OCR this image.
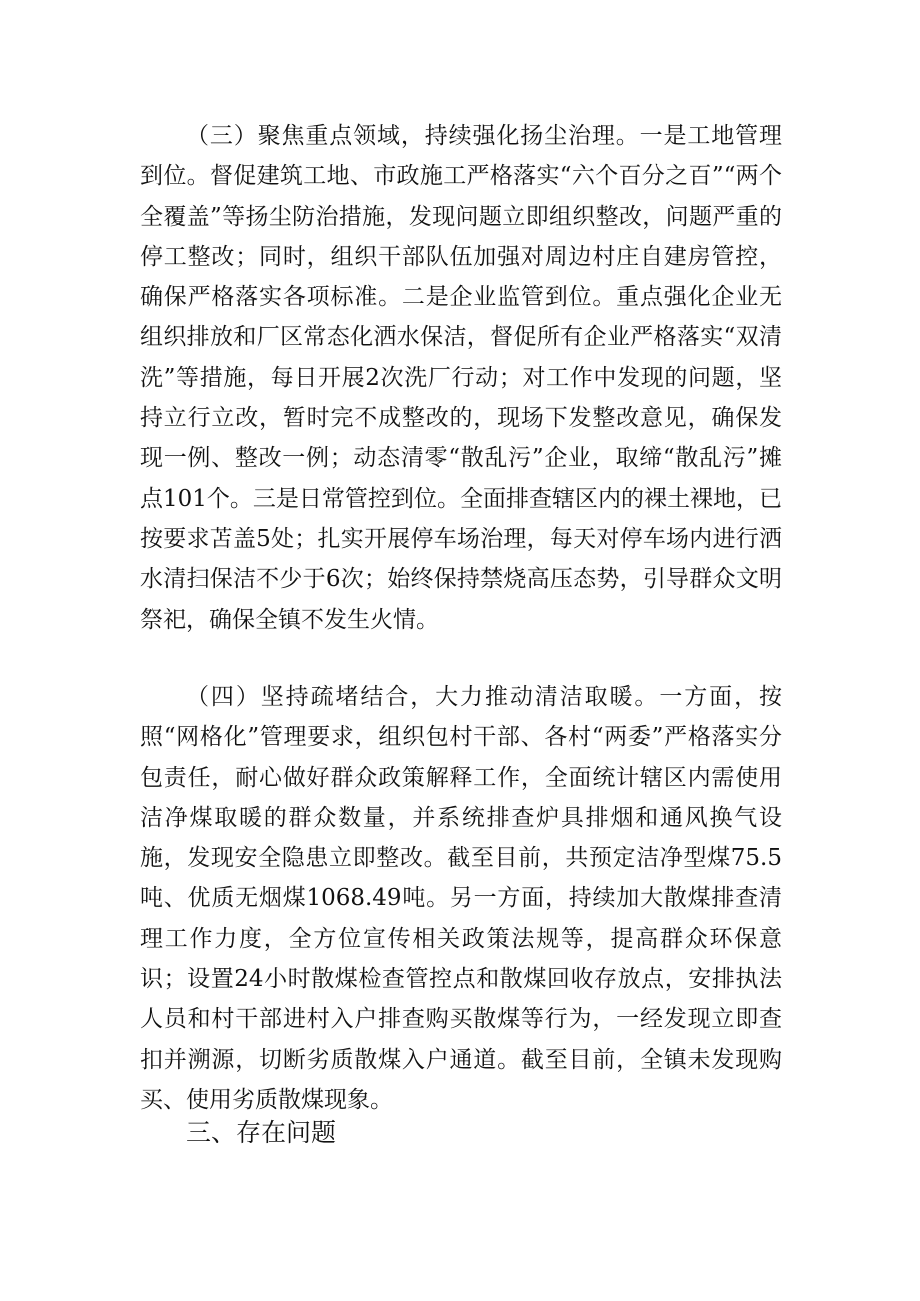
（三）聚焦重点领域，持续强化扬尘治理。一是工地管理到位。督促建筑工地、市政施工严格落实“六个百分之百”“两个全覆盖”等扬尘防治措施，发现问题立即组织整改，问题严重的停工整改；同时，组织干部队伍加强对周边村庄自建房管控，确保严格落实各项标准。二是企业监管到位。重点强化企业无组织排放和厂区常态化洒水保洁，督促所有企业严格落实“双清洗”等措施，每日开展2次洗厂行动；对工作中发现的问题，坚持立行立改，暂时完不成整改的，现场下发整改意见，确保发现一例、整改一例；动态清零“散乱污”企业，取缔“散乱污”摊点101个。三是日常管控到位。全面排查辖区内的裸土裸地，已按要求苫盖5处；扎实开展停车场治理，每天对停车场内进行洒水清扫保洁不少于6次；始终保持禁烧高压态势，引导群众文明祭祀，确保全镇不发生火情。

（四）坚持疏堵结合，大力推动清洁取暖。一方面，按照“网格化”管理要求，组织包村干部、各村“两委”严格落实分包责任，耐心做好群众政策解释工作，全面统计辖区内需使用洁净煤取暖的群众数量，并系统排查炉具排烟和通风换气设施，发现安全隐患立即整改。截至目前，共预定洁净型煤75.5吨、优质无烟煤1068.49吨。另一方面，持续加大散煤排查清理工作力度，全方位宣传相关政策法规等，提高群众环保意识；设置24小时散煤检查管控点和散煤回收存放点，安排执法人员和村干部进村入户排查购买散煤等行为，一经发现立即查扣并溯源，切断劣质散煤入户通道。截至目前，全镇未发现购买、使用劣质散煤现象。

三、存在问题
